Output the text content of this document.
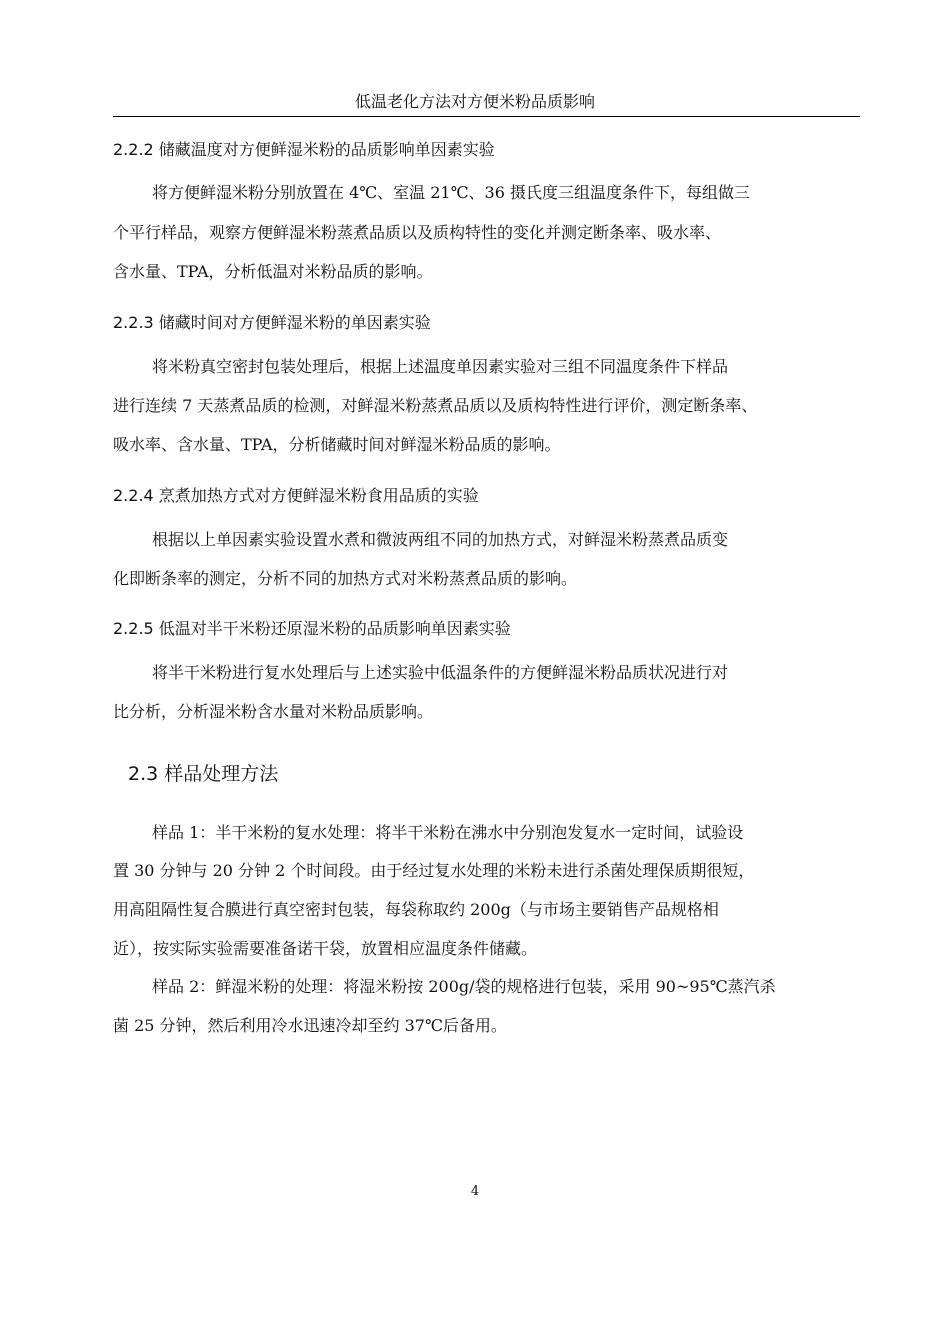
低温老化方法对方便米粉品质影响
2.2.2 储藏温度对方便鲜湿米粉的品质影响单因素实验
将方便鲜湿米粉分别放置在 4℃、室温 21℃、36 摄氏度三组温度条件下，每组做三
个平行样品，观察方便鲜湿米粉蒸煮品质以及质构特性的变化并测定断条率、吸水率、
含水量、TPA，分析低温对米粉品质的影响。
2.2.3 储藏时间对方便鲜湿米粉的单因素实验
将米粉真空密封包装处理后，根据上述温度单因素实验对三组不同温度条件下样品
进行连续 7 天蒸煮品质的检测，对鲜湿米粉蒸煮品质以及质构特性进行评价，测定断条率、
吸水率、含水量、TPA，分析储藏时间对鲜湿米粉品质的影响。
2.2.4 烹煮加热方式对方便鲜湿米粉食用品质的实验
根据以上单因素实验设置水煮和微波两组不同的加热方式，对鲜湿米粉蒸煮品质变
化即断条率的测定，分析不同的加热方式对米粉蒸煮品质的影响。
2.2.5 低温对半干米粉还原湿米粉的品质影响单因素实验
将半干米粉进行复水处理后与上述实验中低温条件的方便鲜湿米粉品质状况进行对
比分析，分析湿米粉含水量对米粉品质影响。
2.3 样品处理方法
样品 1：半干米粉的复水处理：将半干米粉在沸水中分别泡发复水一定时间，试验设
置 30 分钟与 20 分钟 2 个时间段。由于经过复水处理的米粉未进行杀菌处理保质期很短，
用高阻隔性复合膜进行真空密封包装，每袋称取约 200g（与市场主要销售产品规格相
近），按实际实验需要准备诺干袋，放置相应温度条件储藏。
样品 2：鲜湿米粉的处理：将湿米粉按 200g/袋的规格进行包装，采用 90~95℃蒸汽杀
菌 25 分钟，然后利用冷水迅速冷却至约 37℃后备用。
4
